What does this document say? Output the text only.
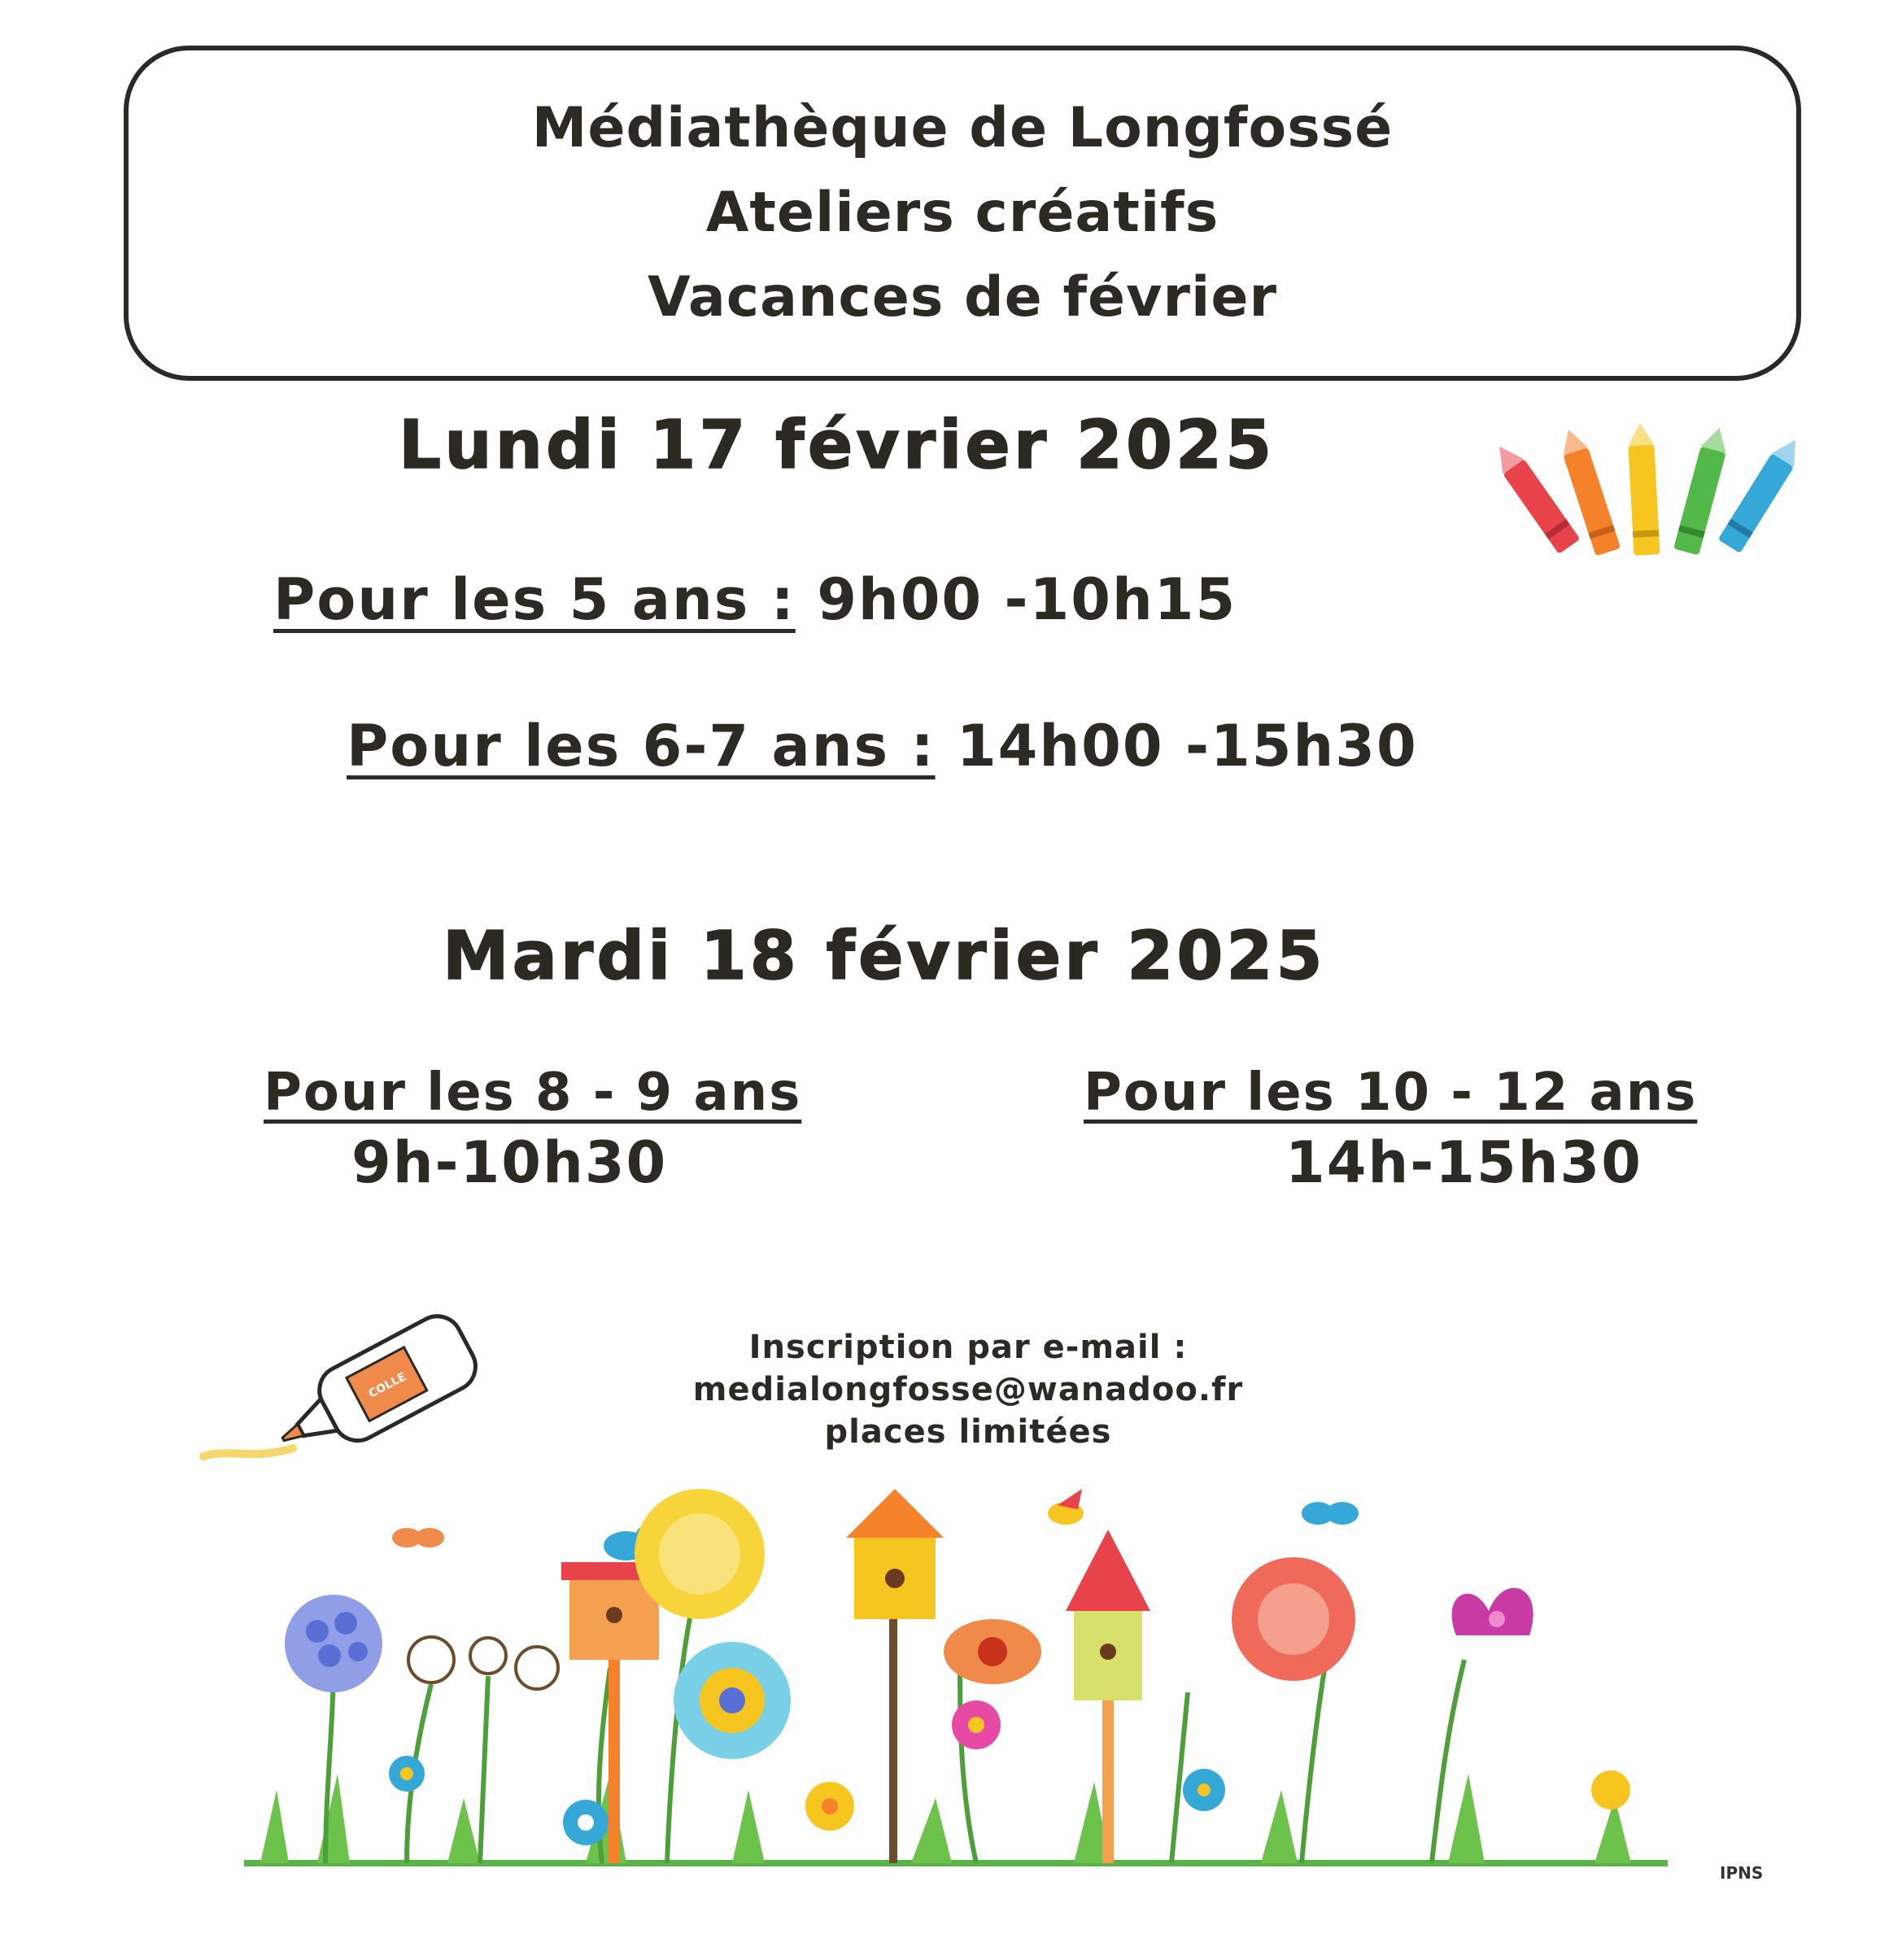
Médiathèque de Longfossé
Ateliers créatifs
Vacances de février
Lundi 17 février 2025
Pour les 5 ans : 9h00 -10h15
Pour les 6-7 ans : 14h00 -15h30
Mardi 18 février 2025
Pour les 8 - 9 ans
9h-10h30
Pour les 10 - 12 ans
14h-15h30
COLLE
Inscription par e-mail :
medialongfosse@wanadoo.fr
places limitées
IPNS
